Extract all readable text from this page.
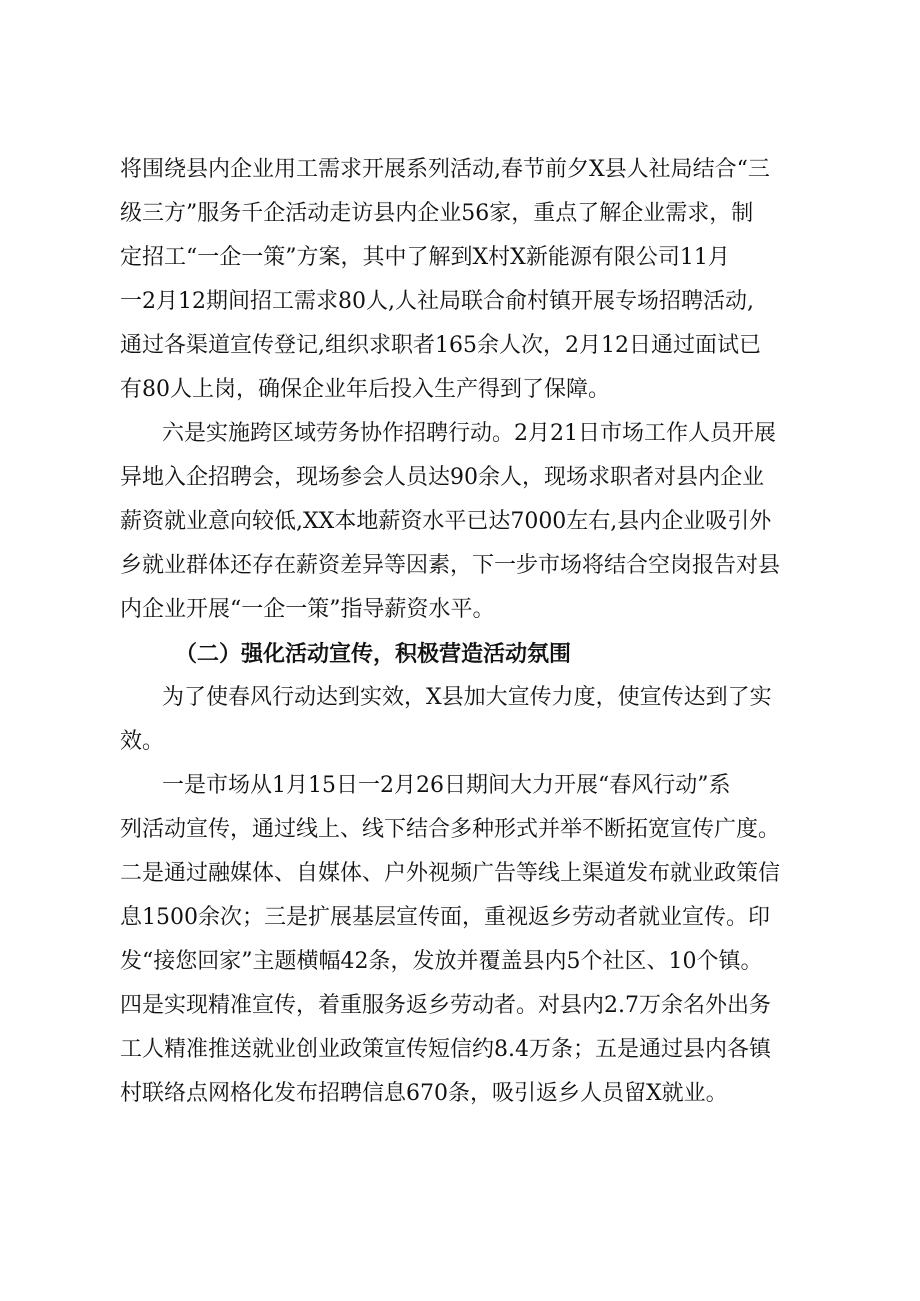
将围绕县内企业用工需求开展系列活动,春节前夕X县人社局结合“三
级三方”服务千企活动走访县内企业56家，重点了解企业需求，制
定招工“一企一策”方案，其中了解到X村X新能源有限公司11月
一2月12期间招工需求80人,人社局联合俞村镇开展专场招聘活动,
通过各渠道宣传登记,组织求职者165余人次，2月12日通过面试已
有80人上岗，确保企业年后投入生产得到了保障。
六是实施跨区域劳务协作招聘行动。2月21日市场工作人员开展
异地入企招聘会，现场参会人员达90余人，现场求职者对县内企业
薪资就业意向较低,XX本地薪资水平已达7000左右,县内企业吸引外
乡就业群体还存在薪资差异等因素，下一步市场将结合空岗报告对县
内企业开展“一企一策”指导薪资水平。
（二）强化活动宣传，积极营造活动氛围
为了使春风行动达到实效，X县加大宣传力度，使宣传达到了实
效。
一是市场从1月15日一2月26日期间大力开展“春风行动”系
列活动宣传，通过线上、线下结合多种形式并举不断拓宽宣传广度。
二是通过融媒体、自媒体、户外视频广告等线上渠道发布就业政策信
息1500余次；三是扩展基层宣传面，重视返乡劳动者就业宣传。印
发“接您回家”主题横幅42条，发放并覆盖县内5个社区、10个镇。
四是实现精准宣传，着重服务返乡劳动者。对县内2.7万余名外出务
工人精准推送就业创业政策宣传短信约8.4万条；五是通过县内各镇
村联络点网格化发布招聘信息670条，吸引返乡人员留X就业。
